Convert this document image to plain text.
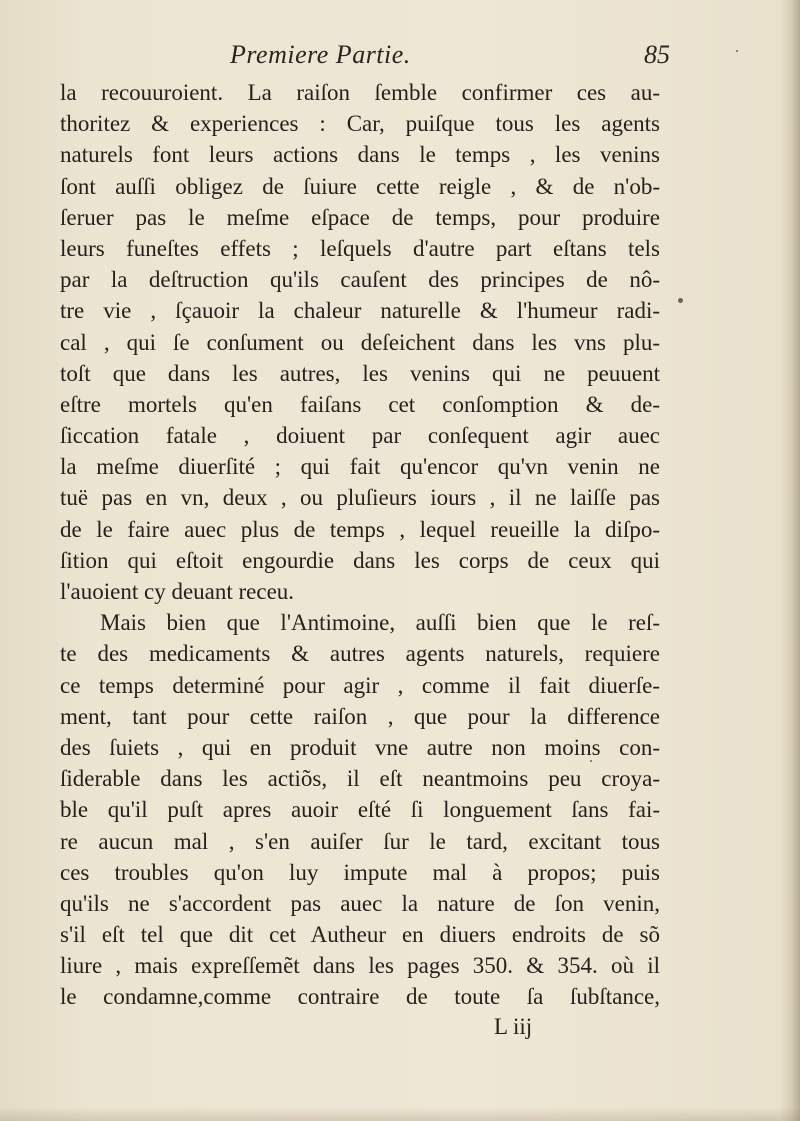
Premiere Partie.	85
la recouuroient. La raiſon ſemble confirmer ces au-
thoritez & experiences : Car, puiſque tous les agents
naturels font leurs actions dans le temps , les venins
ſont auſſi obligez de ſuiure cette reigle , & de n'ob-
ſeruer pas le meſme eſpace de temps, pour produire
leurs funeſtes effets ; leſquels d'autre part eſtans tels
par la deſtruction qu'ils cauſent des principes de nô-
tre vie , ſçauoir la chaleur naturelle & l'humeur radi-
cal , qui ſe conſument ou deſeichent dans les vns plu-
toſt que dans les autres, les venins qui ne peuuent
eſtre mortels qu'en faiſans cet conſomption & de-
ſiccation fatale , doiuent par conſequent agir auec
la meſme diuerſité ; qui fait qu'encor qu'vn venin ne
tuë pas en vn, deux , ou pluſieurs iours , il ne laiſſe pas
de le faire auec plus de temps , lequel reueille la diſpo-
ſition qui eſtoit engourdie dans les corps de ceux qui
l'auoient cy deuant receu.
Mais bien que l'Antimoine, auſſi bien que le reſ-
te des medicaments & autres agents naturels, requiere
ce temps determiné pour agir , comme il fait diuerſe-
ment, tant pour cette raiſon , que pour la difference
des ſuiets , qui en produit vne autre non moins con-
ſiderable dans les actiõs, il eſt neantmoins peu croya-
ble qu'il puſt apres auoir eſté ſi longuement ſans fai-
re aucun mal , s'en auiſer ſur le tard, excitant tous
ces troubles qu'on luy impute mal à propos; puis
qu'ils ne s'accordent pas auec la nature de ſon venin,
s'il eſt tel que dit cet Autheur en diuers endroits de sõ
liure , mais expreſſemẽt dans les pages 350. & 354. où il
le condamne,comme contraire de toute ſa ſubſtance,
L iij
